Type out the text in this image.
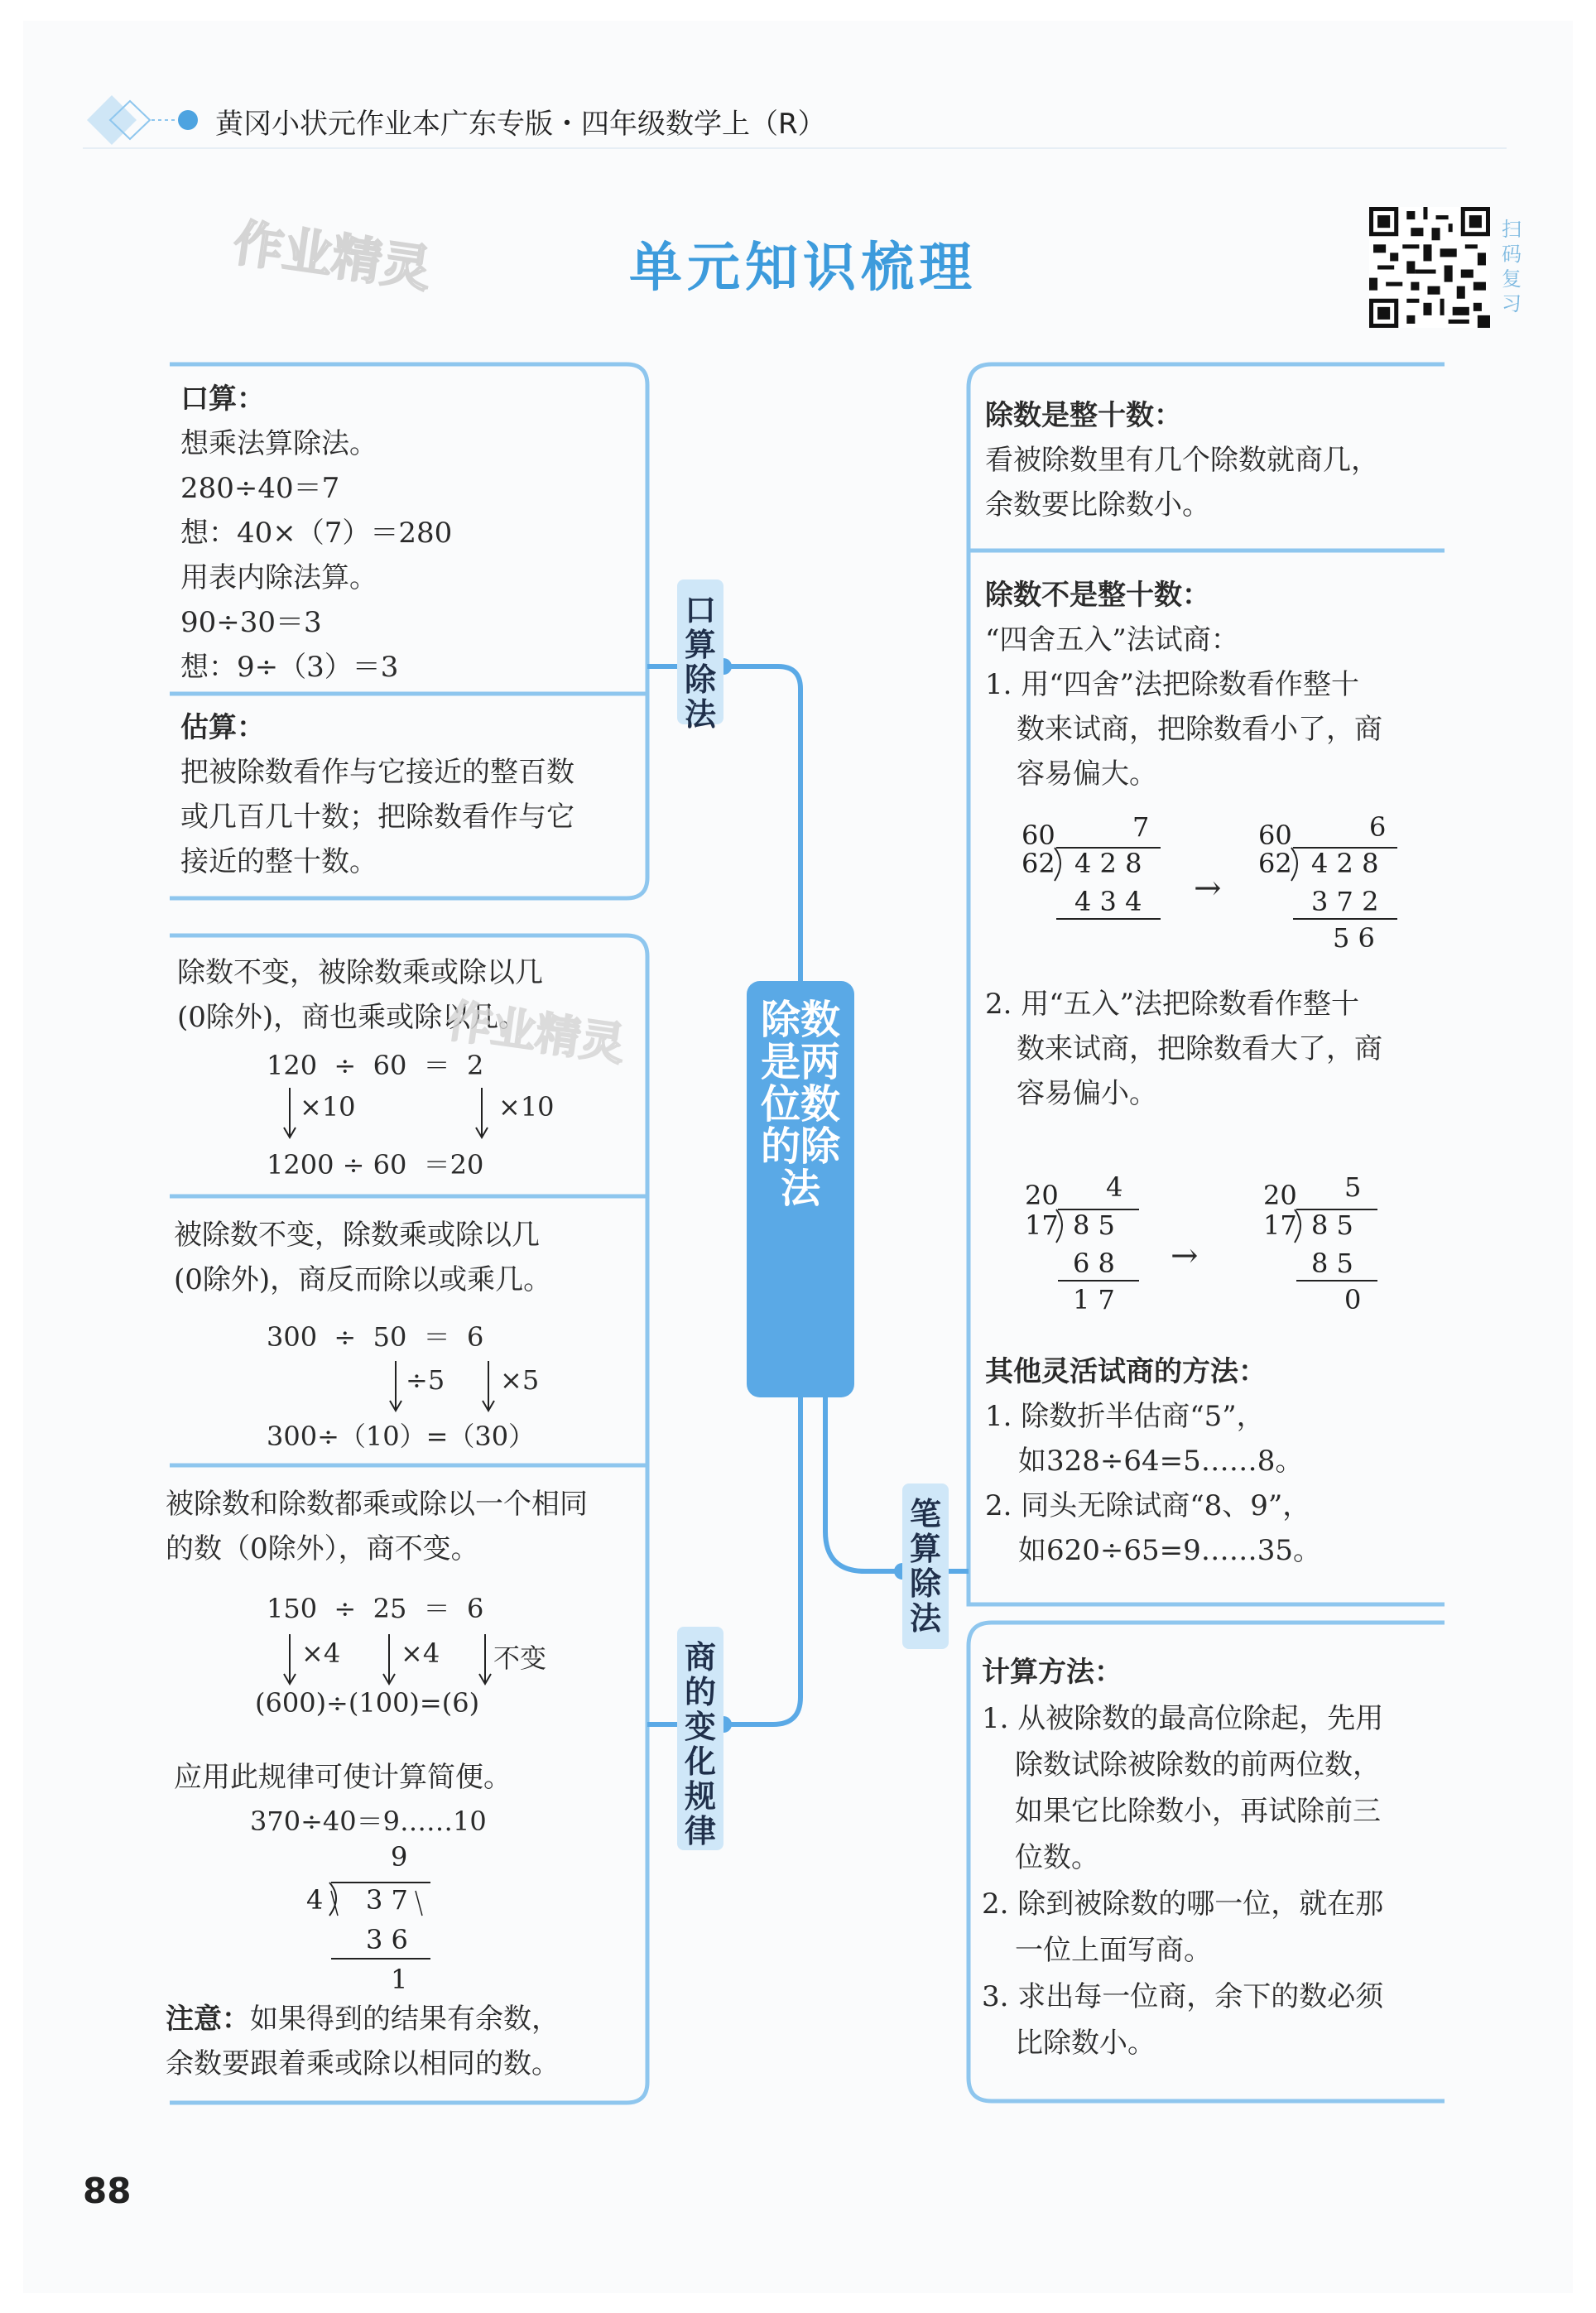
黄冈小状元作业本广东专版・四年级数学上（R）
作业精灵	单元知识梳理
扫
码
复
习
除数是两位数的除法
口算除法
商的变化规律
笔算除法
口算：
想乘法算除法。
280÷40＝7
想：40×（7）＝280
用表内除法算。
90÷30＝3
想：9÷（3）＝3
估算：
把被除数看作与它接近的整百数
或几百几十数；把除数看作与它
接近的整十数。
除数不变，被除数乘或除以几
(0除外)，商也乘或除以几。
120  ÷  60  ＝  2
1200 ÷ 60  ＝20
×10	×10
作业精灵
被除数不变，除数乘或除以几
(0除外)，商反而除以或乘几。
300  ÷  50  ＝  6
300÷（10）=（30）
÷5 ×5
被除数和除数都乘或除以一个相同
的数（0除外），商不变。
150  ÷  25  ＝  6
(600)÷(100)=(6)
×4 ×4 不变
应用此规律可使计算简便。
370÷40＝9……10
9
4 3 7
3 6
1
注意：如果得到的结果有余数，
余数要跟着乘或除以相同的数。
除数是整十数：
看被除数里有几个除数就商几，
余数要比除数小。
除数不是整十数：
“四舍五入”法试商：
1. 用“四舍”法把除数看作整十
数来试商，把除数看小了，商
容易偏大。
60	7
62 4 2 8
4 3 4 →
60	6
62 4 2 8
3 7 2
5 6
2. 用“五入”法把除数看作整十
数来试商，把除数看大了，商
容易偏小。
20 4
17 8 5
6 8
1 7
→
20 5
17 8 5
8 5
0
其他灵活试商的方法：
1. 除数折半估商“5”，
如328÷64=5……8。
2. 同头无除试商“8、9”，
如620÷65=9……35。
计算方法：
1. 从被除数的最高位除起，先用
除数试除被除数的前两位数，
如果它比除数小，再试除前三
位数。
2. 除到被除数的哪一位，就在那
一位上面写商。
3. 求出每一位商，余下的数必须
比除数小。
88
